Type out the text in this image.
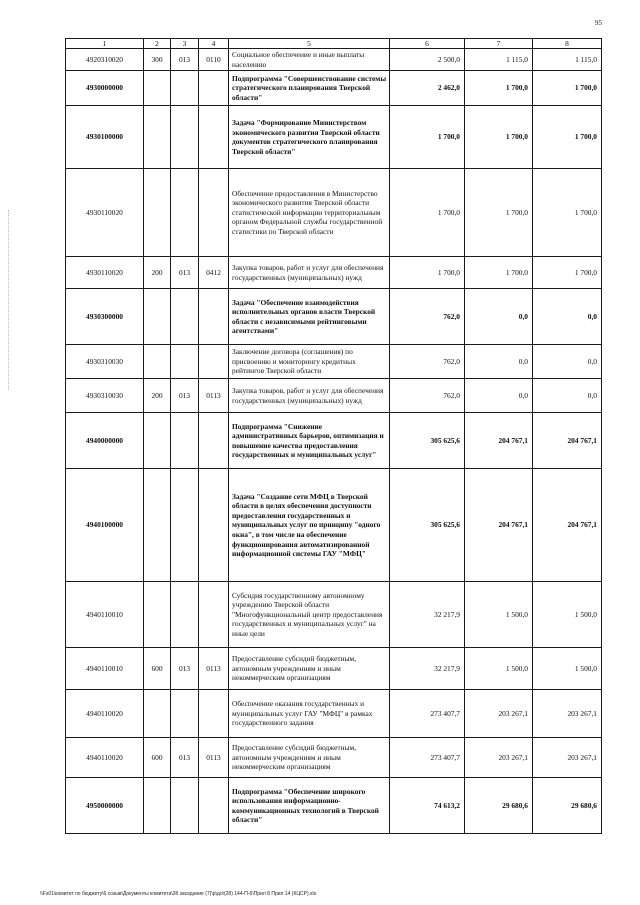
95
1	2	3	4	5	6	7	8
4920310020	300	013	0110	Социальное обеспечение и иные выплаты населению	2 500,0	1 115,0	1 115,0
4930000000				Подпрограмма "Совершенствование системы стратегического планирования Тверской области"	2 462,0	1 700,0	1 700,0
4930100000				Задача "Формирование Министерством экономического развития Тверской области документов стратегического планирования Тверской области"	1 700,0	1 700,0	1 700,0
4930110020				Обеспечение предоставления в Министерство экономического развития Тверской области статистической информации территориальным органом Федеральной службы государственной статистики по Тверской области	1 700,0	1 700,0	1 700,0
4930110020	200	013	0412	Закупка товаров, работ и услуг для обеспечения государственных (муниципальных) нужд	1 700,0	1 700,0	1 700,0
4930300000				Задача "Обеспечение взаимодействия исполнительных органов власти Тверской области с независимыми рейтинговыми агентствами"	762,0	0,0	0,0
4930310030				Заключение договора (соглашения) по присвоению и мониторингу кредитных рейтингов Тверской области	762,0	0,0	0,0
4930310030	200	013	0113	Закупка товаров, работ и услуг для обеспечения государственных (муниципальных) нужд	762,0	0,0	0,0
4940000000				Подпрограмма "Снижение административных барьеров, оптимизация и повышение качества предоставления государственных и муниципальных услуг"	305 625,6	204 767,1	204 767,1
4940100000				Задача "Создание сети МФЦ в Тверской области в целях обеспечения доступности предоставления государственных и муниципальных услуг по принципу "одного окна", в том числе на обеспечение функционирования автоматизированной информационной системы ГАУ "МФЦ"	305 625,6	204 767,1	204 767,1
4940110010				Субсидия государственному автономному учреждению Тверской области "Многофункциональный центр предоставления государственных и муниципальных услуг" на иные цели	32 217,9	1 500,0	1 500,0
4940110010	600	013	0113	Предоставление субсидий бюджетным, автономным учреждениям и иным некоммерческим организациям	32 217,9	1 500,0	1 500,0
4940110020				Обеспечение оказания государственных и муниципальных услуг ГАУ "МФЦ" в рамках государственного задания	273 407,7	203 267,1	203 267,1
4940110020	600	013	0113	Предоставление субсидий бюджетным, автономным учреждениям и иным некоммерческим организациям	273 407,7	203 267,1	203 267,1
4950000000				Подпрограмма "Обеспечение широкого использования информационно-коммуникационных технологий в Тверской области"	74 613,2	29 680,6	29 680,6
\\Fs01\комитет по бюджету\6 созыв\Документы комитета\28 заседание (7)\р\до\(28) 144-П-6\Прил 8 Прил 14 (КЦСР).xls
